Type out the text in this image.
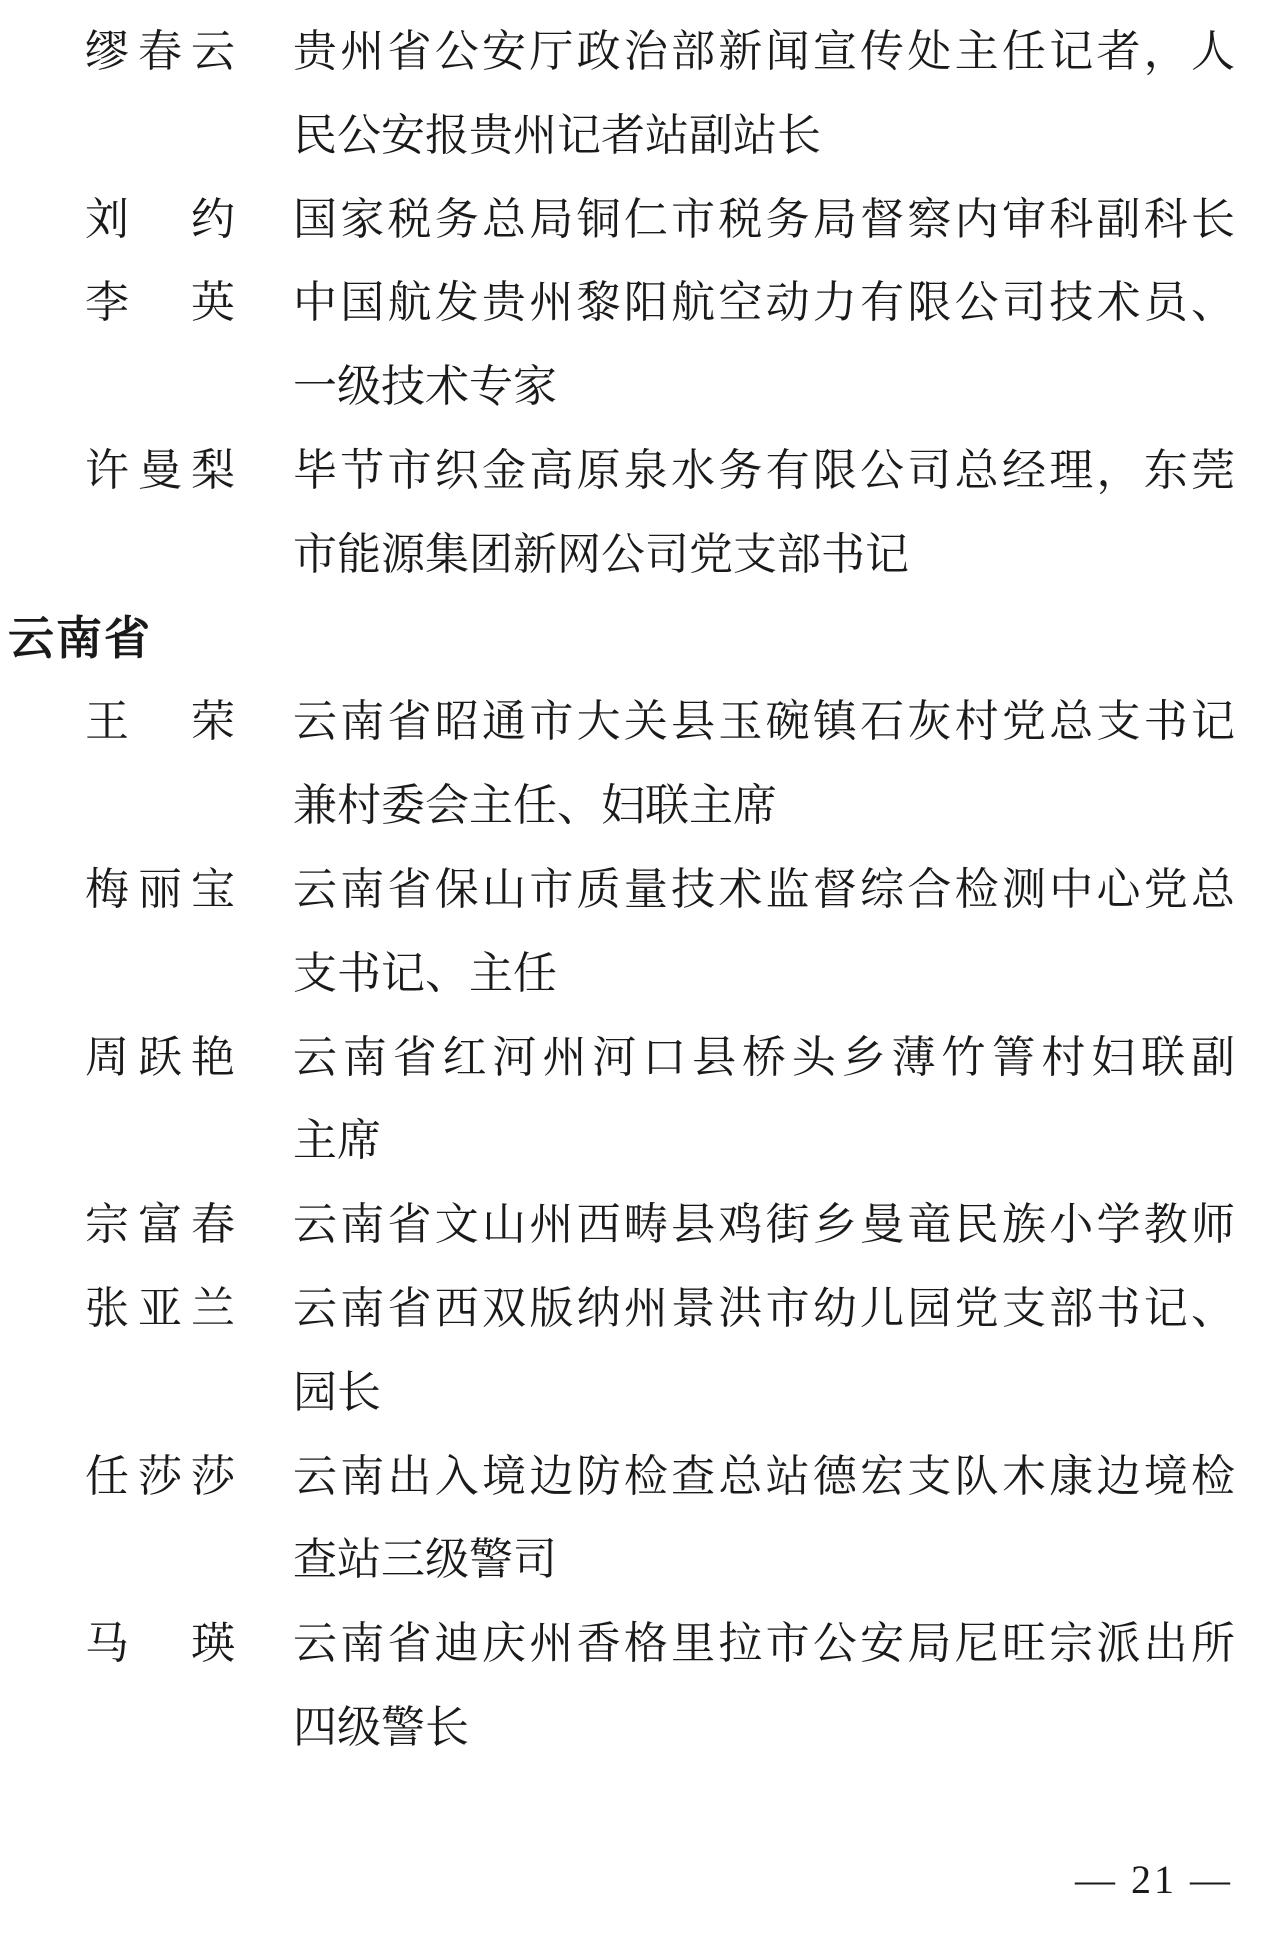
缪春云 贵州省公安厅政治部新闻宣传处主任记者，人
民公安报贵州记者站副站长
刘　约 国家税务总局铜仁市税务局督察内审科副科长
李　英 中国航发贵州黎阳航空动力有限公司技术员、
一级技术专家
许曼梨 毕节市织金高原泉水务有限公司总经理，东莞
市能源集团新网公司党支部书记
云南省
王　荣 云南省昭通市大关县玉碗镇石灰村党总支书记
兼村委会主任、妇联主席
梅丽宝 云南省保山市质量技术监督综合检测中心党总
支书记、主任
周跃艳 云南省红河州河口县桥头乡薄竹箐村妇联副
主席
宗富春 云南省文山州西畴县鸡街乡曼竜民族小学教师
张亚兰 云南省西双版纳州景洪市幼儿园党支部书记、
园长
任莎莎 云南出入境边防检查总站德宏支队木康边境检
查站三级警司
马　瑛 云南省迪庆州香格里拉市公安局尼旺宗派出所
四级警长
— 21 —
